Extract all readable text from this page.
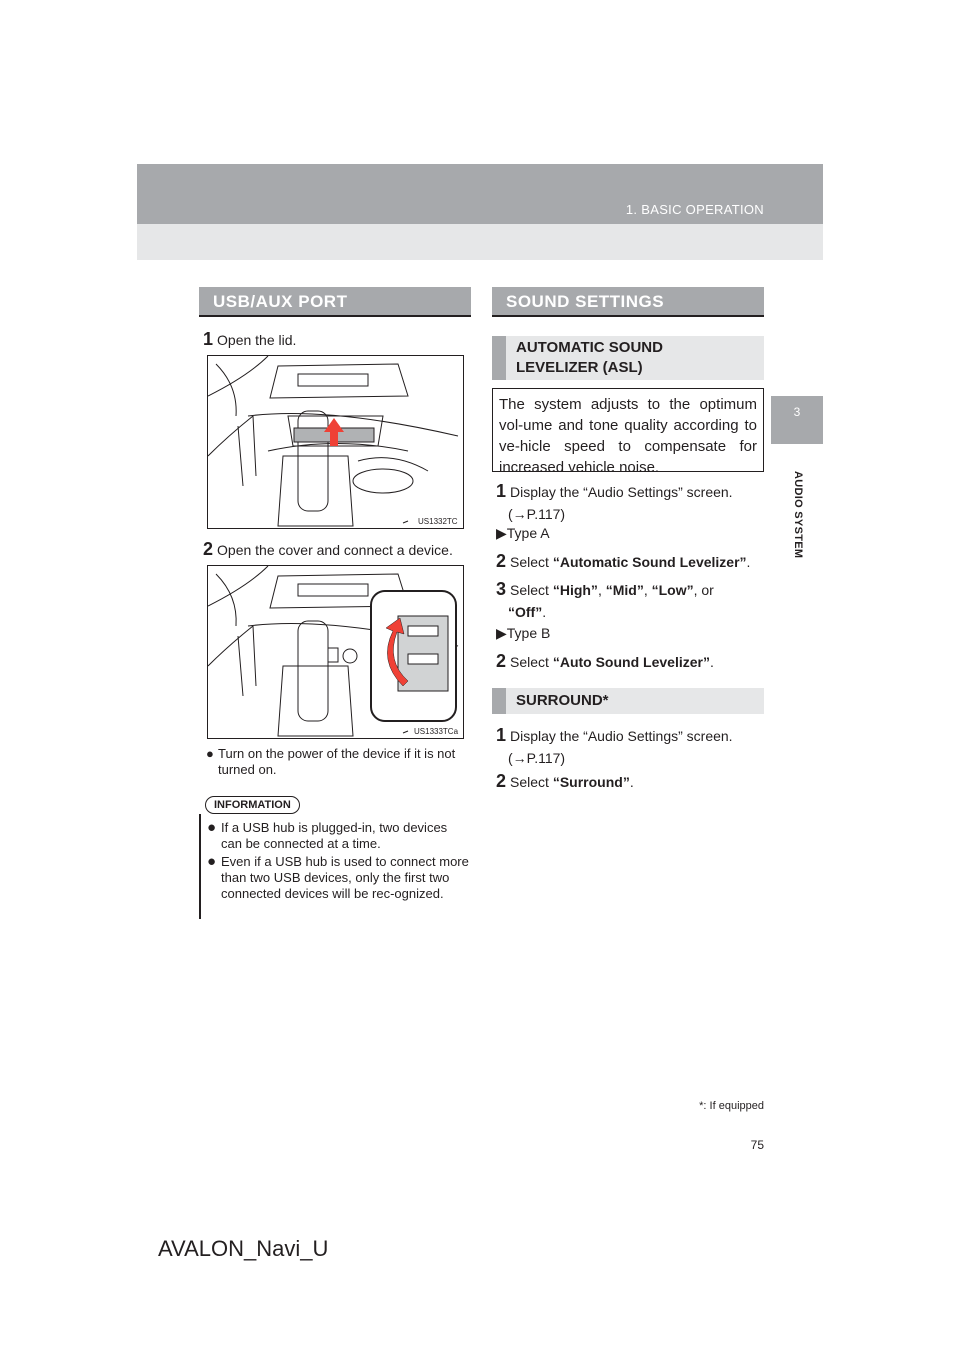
1. BASIC OPERATION
3
AUDIO SYSTEM
USB/AUX PORT
1 Open the lid.
US1332TC
2 Open the cover and connect a device.
US1333TCa
● Turn on the power of the device if it is not turned on.
INFORMATION
● If a USB hub is plugged-in, two devices can be connected at a time.
● Even if a USB hub is used to connect more than two USB devices, only the first two connected devices will be rec-ognized.
SOUND SETTINGS
AUTOMATIC SOUND
LEVELIZER (ASL)
The system adjusts to the optimum vol-ume and tone quality according to ve-hicle speed to compensate for increased vehicle noise.
1 Display the “Audio Settings” screen.
(→P.117)
▶Type A
2 Select “Automatic Sound Levelizer”.
3 Select “High”, “Mid”, “Low”, or
“Off”.
▶Type B
2 Select “Auto Sound Levelizer”.
SURROUND*
1 Display the “Audio Settings” screen.
(→P.117)
2 Select “Surround”.
*: If equipped
75
AVALON_Navi_U
